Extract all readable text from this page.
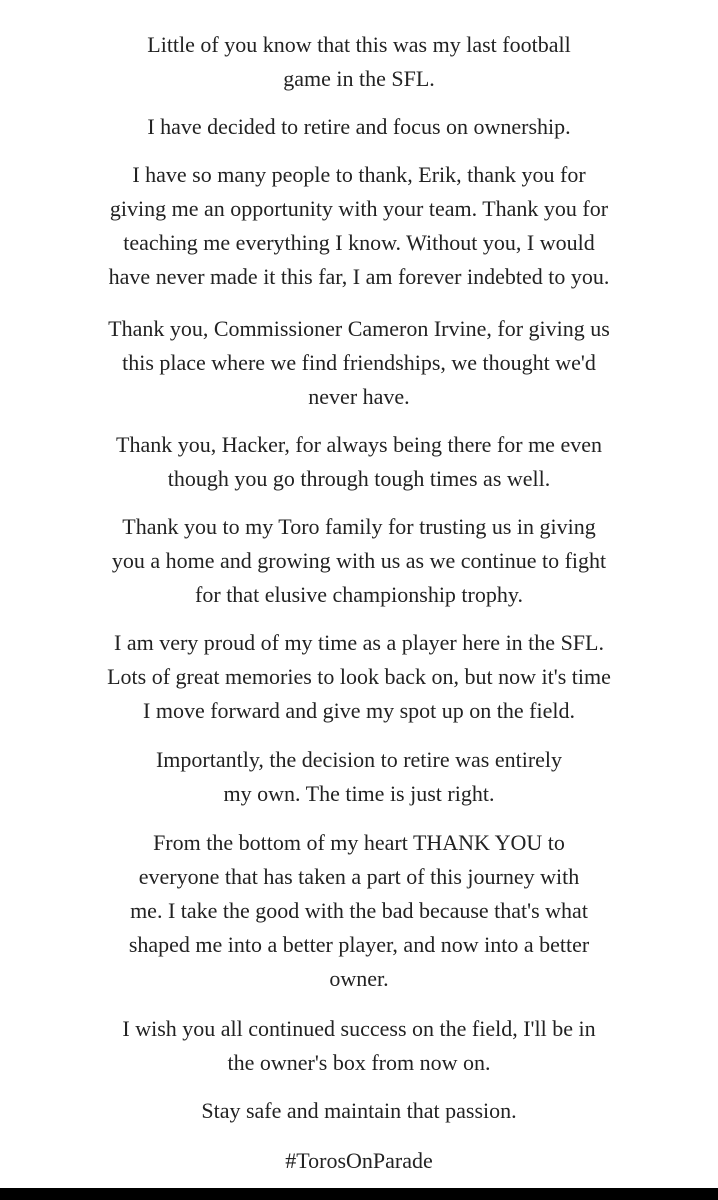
Little of you know that this was my last football
game in the SFL.
I have decided to retire and focus on ownership.
I have so many people to thank, Erik, thank you for
giving me an opportunity with your team. Thank you for
teaching me everything I know. Without you, I would
have never made it this far, I am forever indebted to you.
Thank you, Commissioner Cameron Irvine, for giving us
this place where we find friendships, we thought we'd
never have.
Thank you, Hacker, for always being there for me even
though you go through tough times as well.
Thank you to my Toro family for trusting us in giving
you a home and growing with us as we continue to fight
for that elusive championship trophy.
I am very proud of my time as a player here in the SFL.
Lots of great memories to look back on, but now it's time
I move forward and give my spot up on the field.
Importantly, the decision to retire was entirely
my own. The time is just right.
From the bottom of my heart THANK YOU to
everyone that has taken a part of this journey with
me. I take the good with the bad because that's what
shaped me into a better player, and now into a better
owner.
I wish you all continued success on the field, I'll be in
the owner's box from now on.
Stay safe and maintain that passion.
#TorosOnParade
